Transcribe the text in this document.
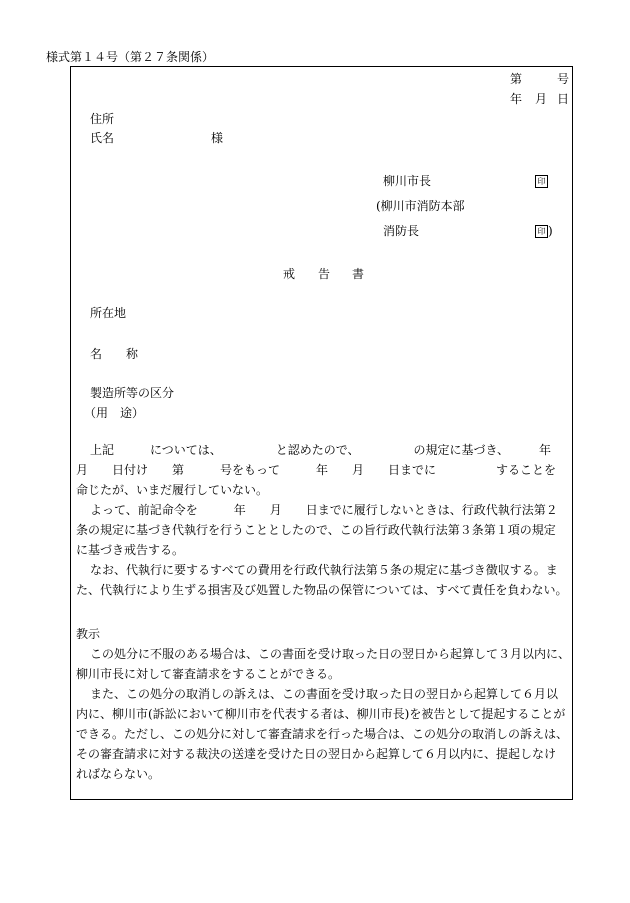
様式第１４号（第２７条関係）
第	号
年 月 日
住所
氏名	様
柳川市長	印
(柳川市消防本部
消防長	印 )
戒 告 書
所在地
名 称
製造所等の区分
（用　途）
上記　　　については、　　　　　と認めたので、　　　　　の規定に基づき、　　　年
月　　日付け　　第　　　号をもって　　　年　　月　　日までに　　　　　することを
命じたが、いまだ履行していない。
よって、前記命令を　　　年　　月　　日までに履行しないときは、行政代執行法第２
条の規定に基づき代執行を行うこととしたので、この旨行政代執行法第３条第１項の規定
に基づき戒告する。
なお、代執行に要するすべての費用を行政代執行法第５条の規定に基づき徴収する。ま
た、代執行により生ずる損害及び処置した物品の保管については、すべて責任を負わない。
教示
この処分に不服のある場合は、この書面を受け取った日の翌日から起算して３月以内に、
柳川市長に対して審査請求をすることができる。
また、この処分の取消しの訴えは、この書面を受け取った日の翌日から起算して６月以
内に、柳川市(訴訟において柳川市を代表する者は、柳川市長)を被告として提起することが
できる。ただし、この処分に対して審査請求を行った場合は、この処分の取消しの訴えは、
その審査請求に対する裁決の送達を受けた日の翌日から起算して６月以内に、提起しなけ
ればならない。
